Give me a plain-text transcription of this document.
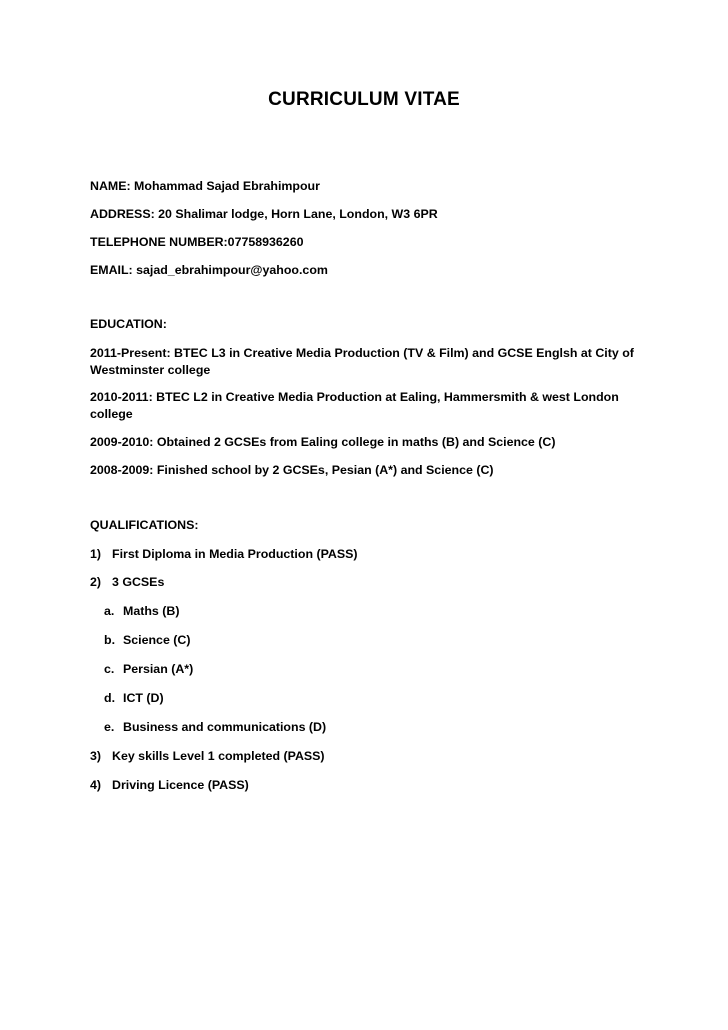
CURRICULUM VITAE

NAME: Mohammad Sajad Ebrahimpour

ADDRESS: 20 Shalimar lodge, Horn Lane, London, W3 6PR

TELEPHONE NUMBER:07758936260

EMAIL: sajad_ebrahimpour@yahoo.com

EDUCATION:

2011-Present: BTEC L3 in Creative Media Production (TV & Film) and GCSE Englsh at City of Westminster college

2010-2011: BTEC L2 in Creative Media Production at Ealing, Hammersmith & west London college

2009-2010: Obtained 2 GCSEs from Ealing college in maths (B) and Science (C)

2008-2009: Finished school by 2 GCSEs, Pesian (A*) and Science (C)

QUALIFICATIONS:

1) First Diploma in Media Production (PASS)

2) 3 GCSEs

a. Maths (B)

b. Science (C)

c. Persian (A*)

d. ICT (D)

e. Business and communications (D)

3) Key skills Level 1 completed (PASS)

4) Driving Licence (PASS)
